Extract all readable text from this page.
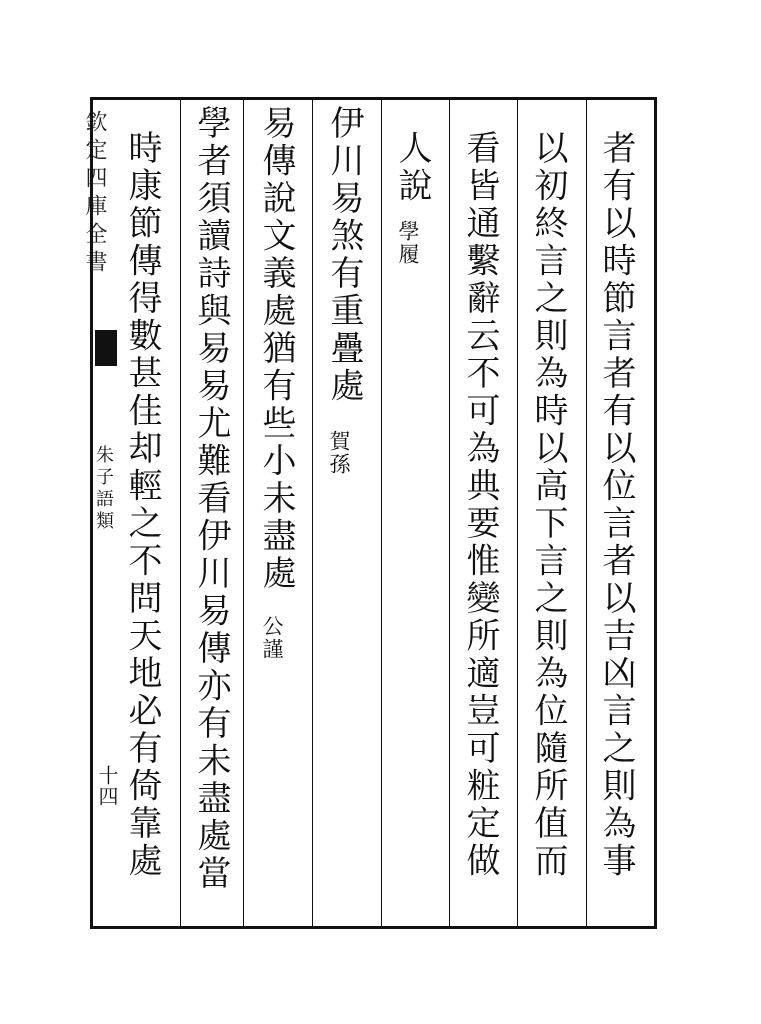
欽定四庫全書
朱子語類
十四	者有以時節言者有以位言者以吉凶言之則為事
以初終言之則為時以高下言之則為位隨所值而
看皆通繫辭云不可為典要惟變所適豈可粧定做
人說
學履
伊川易煞有重疊處
賀孫
易傳說文義處猶有些小未盡處
公謹
學者須讀詩與易易尤難看伊川易傳亦有未盡處當
時康節傳得數甚佳却輕之不問天地必有倚靠處
